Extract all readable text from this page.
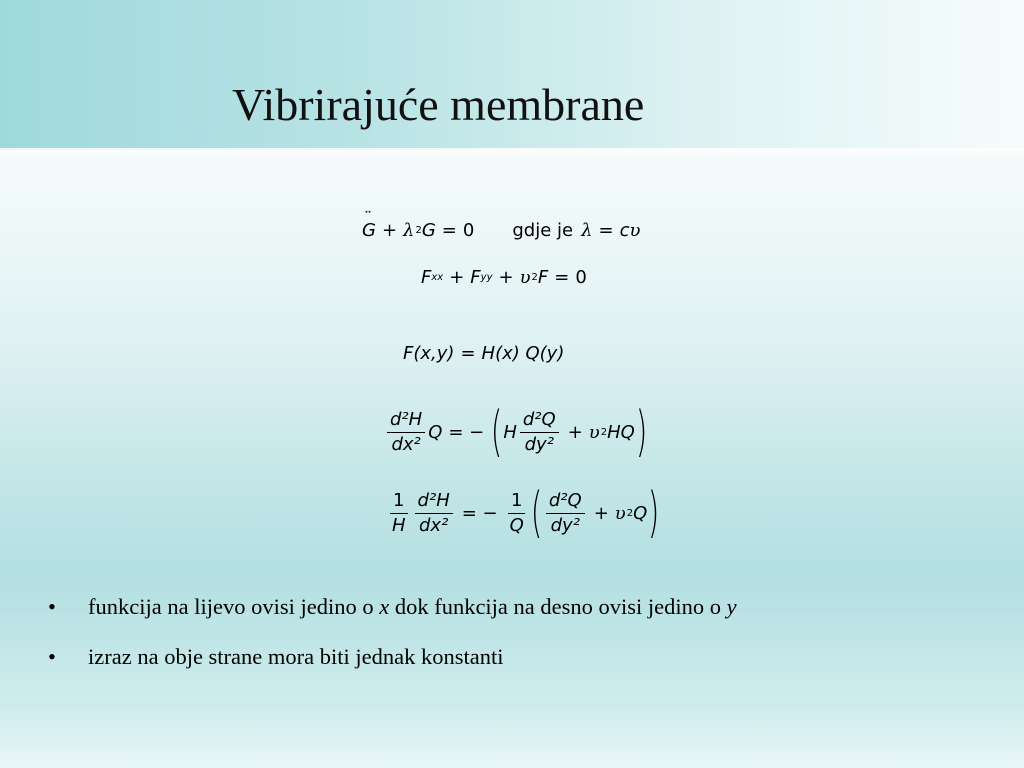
Vibrirajuće membrane
¨ G + λ 2 G = 0 gdje je λ = c υ
F xx + F yy + υ 2 F = 0
F(x,y) = H(x) Q(y)
$\frac{\text{d²H}}{\text{dx²}}$ Q = − ( H $\frac{\text{d²Q}}{\text{dy²}} + \upsilon$ 2 HQ )
$\frac{1}{H} \frac{\text{d²H}}{\text{dx²}}$ = − $\frac{1}{Q}$ ( $\frac{\text{d²Q}}{\text{dy²}} + \upsilon$ 2 Q )
• funkcija na lijevo ovisi jedino o x dok funkcija na desno ovisi jedino o y
• izraz na obje strane mora biti jednak konstanti
